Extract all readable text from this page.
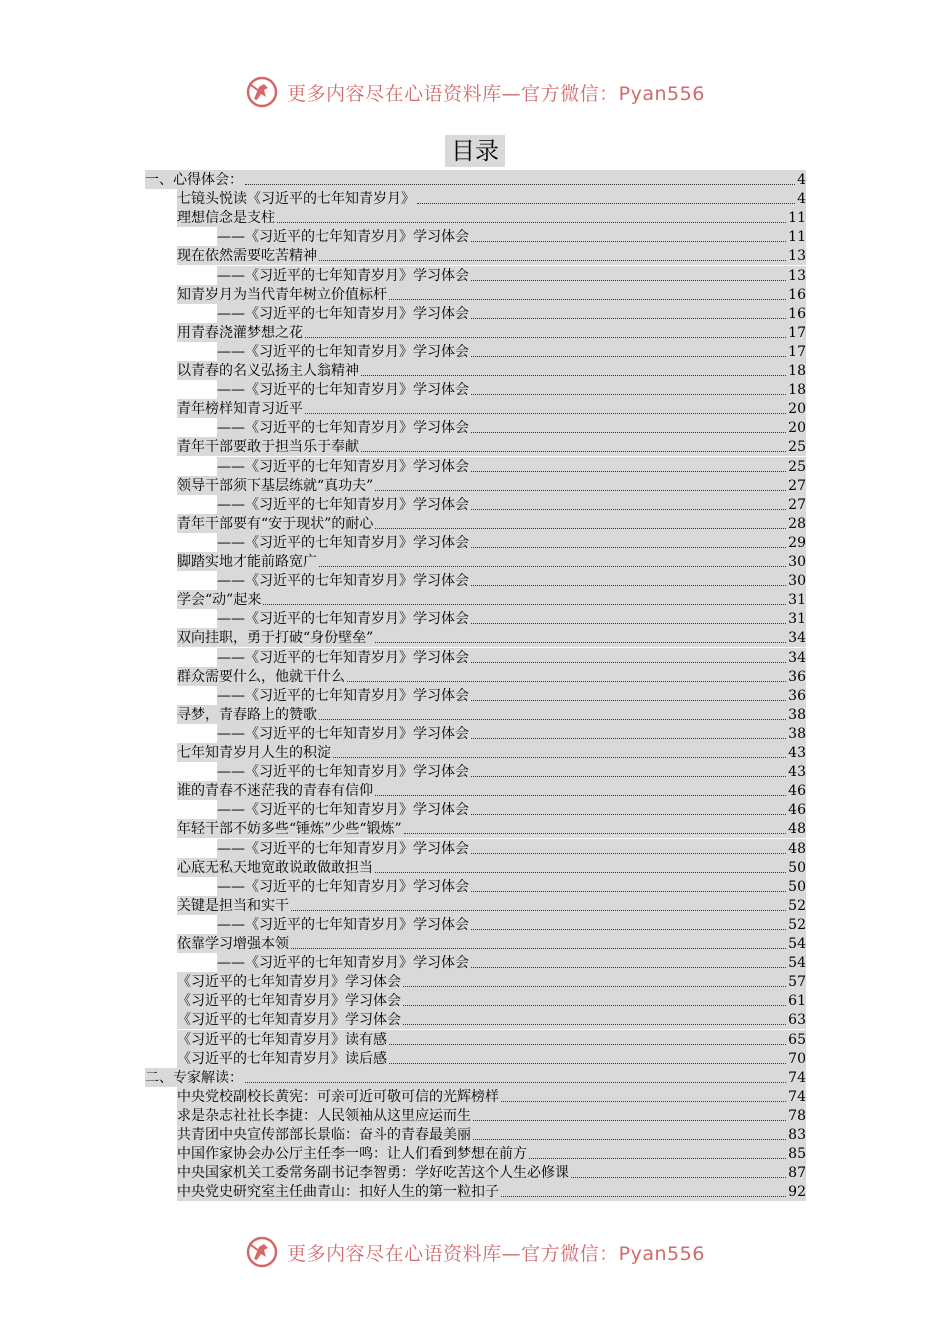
更多内容尽在心语资料库—官方微信：Pyan556
目录
一、心得体会：	4
七镜头悦读《习近平的七年知青岁月》	4
理想信念是支柱	11
——《习近平的七年知青岁月》学习体会	11
现在依然需要吃苦精神	13
——《习近平的七年知青岁月》学习体会	13
知青岁月为当代青年树立价值标杆	16
——《习近平的七年知青岁月》学习体会	16
用青春浇灌梦想之花	17
——《习近平的七年知青岁月》学习体会	17
以青春的名义弘扬主人翁精神	18
——《习近平的七年知青岁月》学习体会	18
青年榜样知青习近平	20
——《习近平的七年知青岁月》学习体会	20
青年干部要敢于担当乐于奉献	25
——《习近平的七年知青岁月》学习体会	25
领导干部须下基层练就“真功夫”	27
——《习近平的七年知青岁月》学习体会	27
青年干部要有“安于现状”的耐心	28
——《习近平的七年知青岁月》学习体会	29
脚踏实地才能前路宽广	30
——《习近平的七年知青岁月》学习体会	30
学会“动”起来	31
——《习近平的七年知青岁月》学习体会	31
双向挂职，勇于打破“身份壁垒”	34
——《习近平的七年知青岁月》学习体会	34
群众需要什么，他就干什么	36
——《习近平的七年知青岁月》学习体会	36
寻梦，青春路上的赞歌	38
——《习近平的七年知青岁月》学习体会	38
七年知青岁月人生的积淀	43
——《习近平的七年知青岁月》学习体会	43
谁的青春不迷茫我的青春有信仰	46
——《习近平的七年知青岁月》学习体会	46
年轻干部不妨多些“锤炼”少些“锻炼”	48
——《习近平的七年知青岁月》学习体会	48
心底无私天地宽敢说敢做敢担当	50
——《习近平的七年知青岁月》学习体会	50
关键是担当和实干	52
——《习近平的七年知青岁月》学习体会	52
依靠学习增强本领	54
——《习近平的七年知青岁月》学习体会	54
《习近平的七年知青岁月》学习体会	57
《习近平的七年知青岁月》学习体会	61
《习近平的七年知青岁月》学习体会	63
《习近平的七年知青岁月》读有感	65
《习近平的七年知青岁月》读后感	70
二、专家解读：	74
中央党校副校长黄宪：可亲可近可敬可信的光辉榜样	74
求是杂志社社长李捷：人民领袖从这里应运而生	78
共青团中央宣传部部长景临：奋斗的青春最美丽	83
中国作家协会办公厅主任李一鸣：让人们看到梦想在前方	85
中央国家机关工委常务副书记李智勇：学好吃苦这个人生必修课	87
中央党史研究室主任曲青山：扣好人生的第一粒扣子	92
更多内容尽在心语资料库—官方微信：Pyan556
